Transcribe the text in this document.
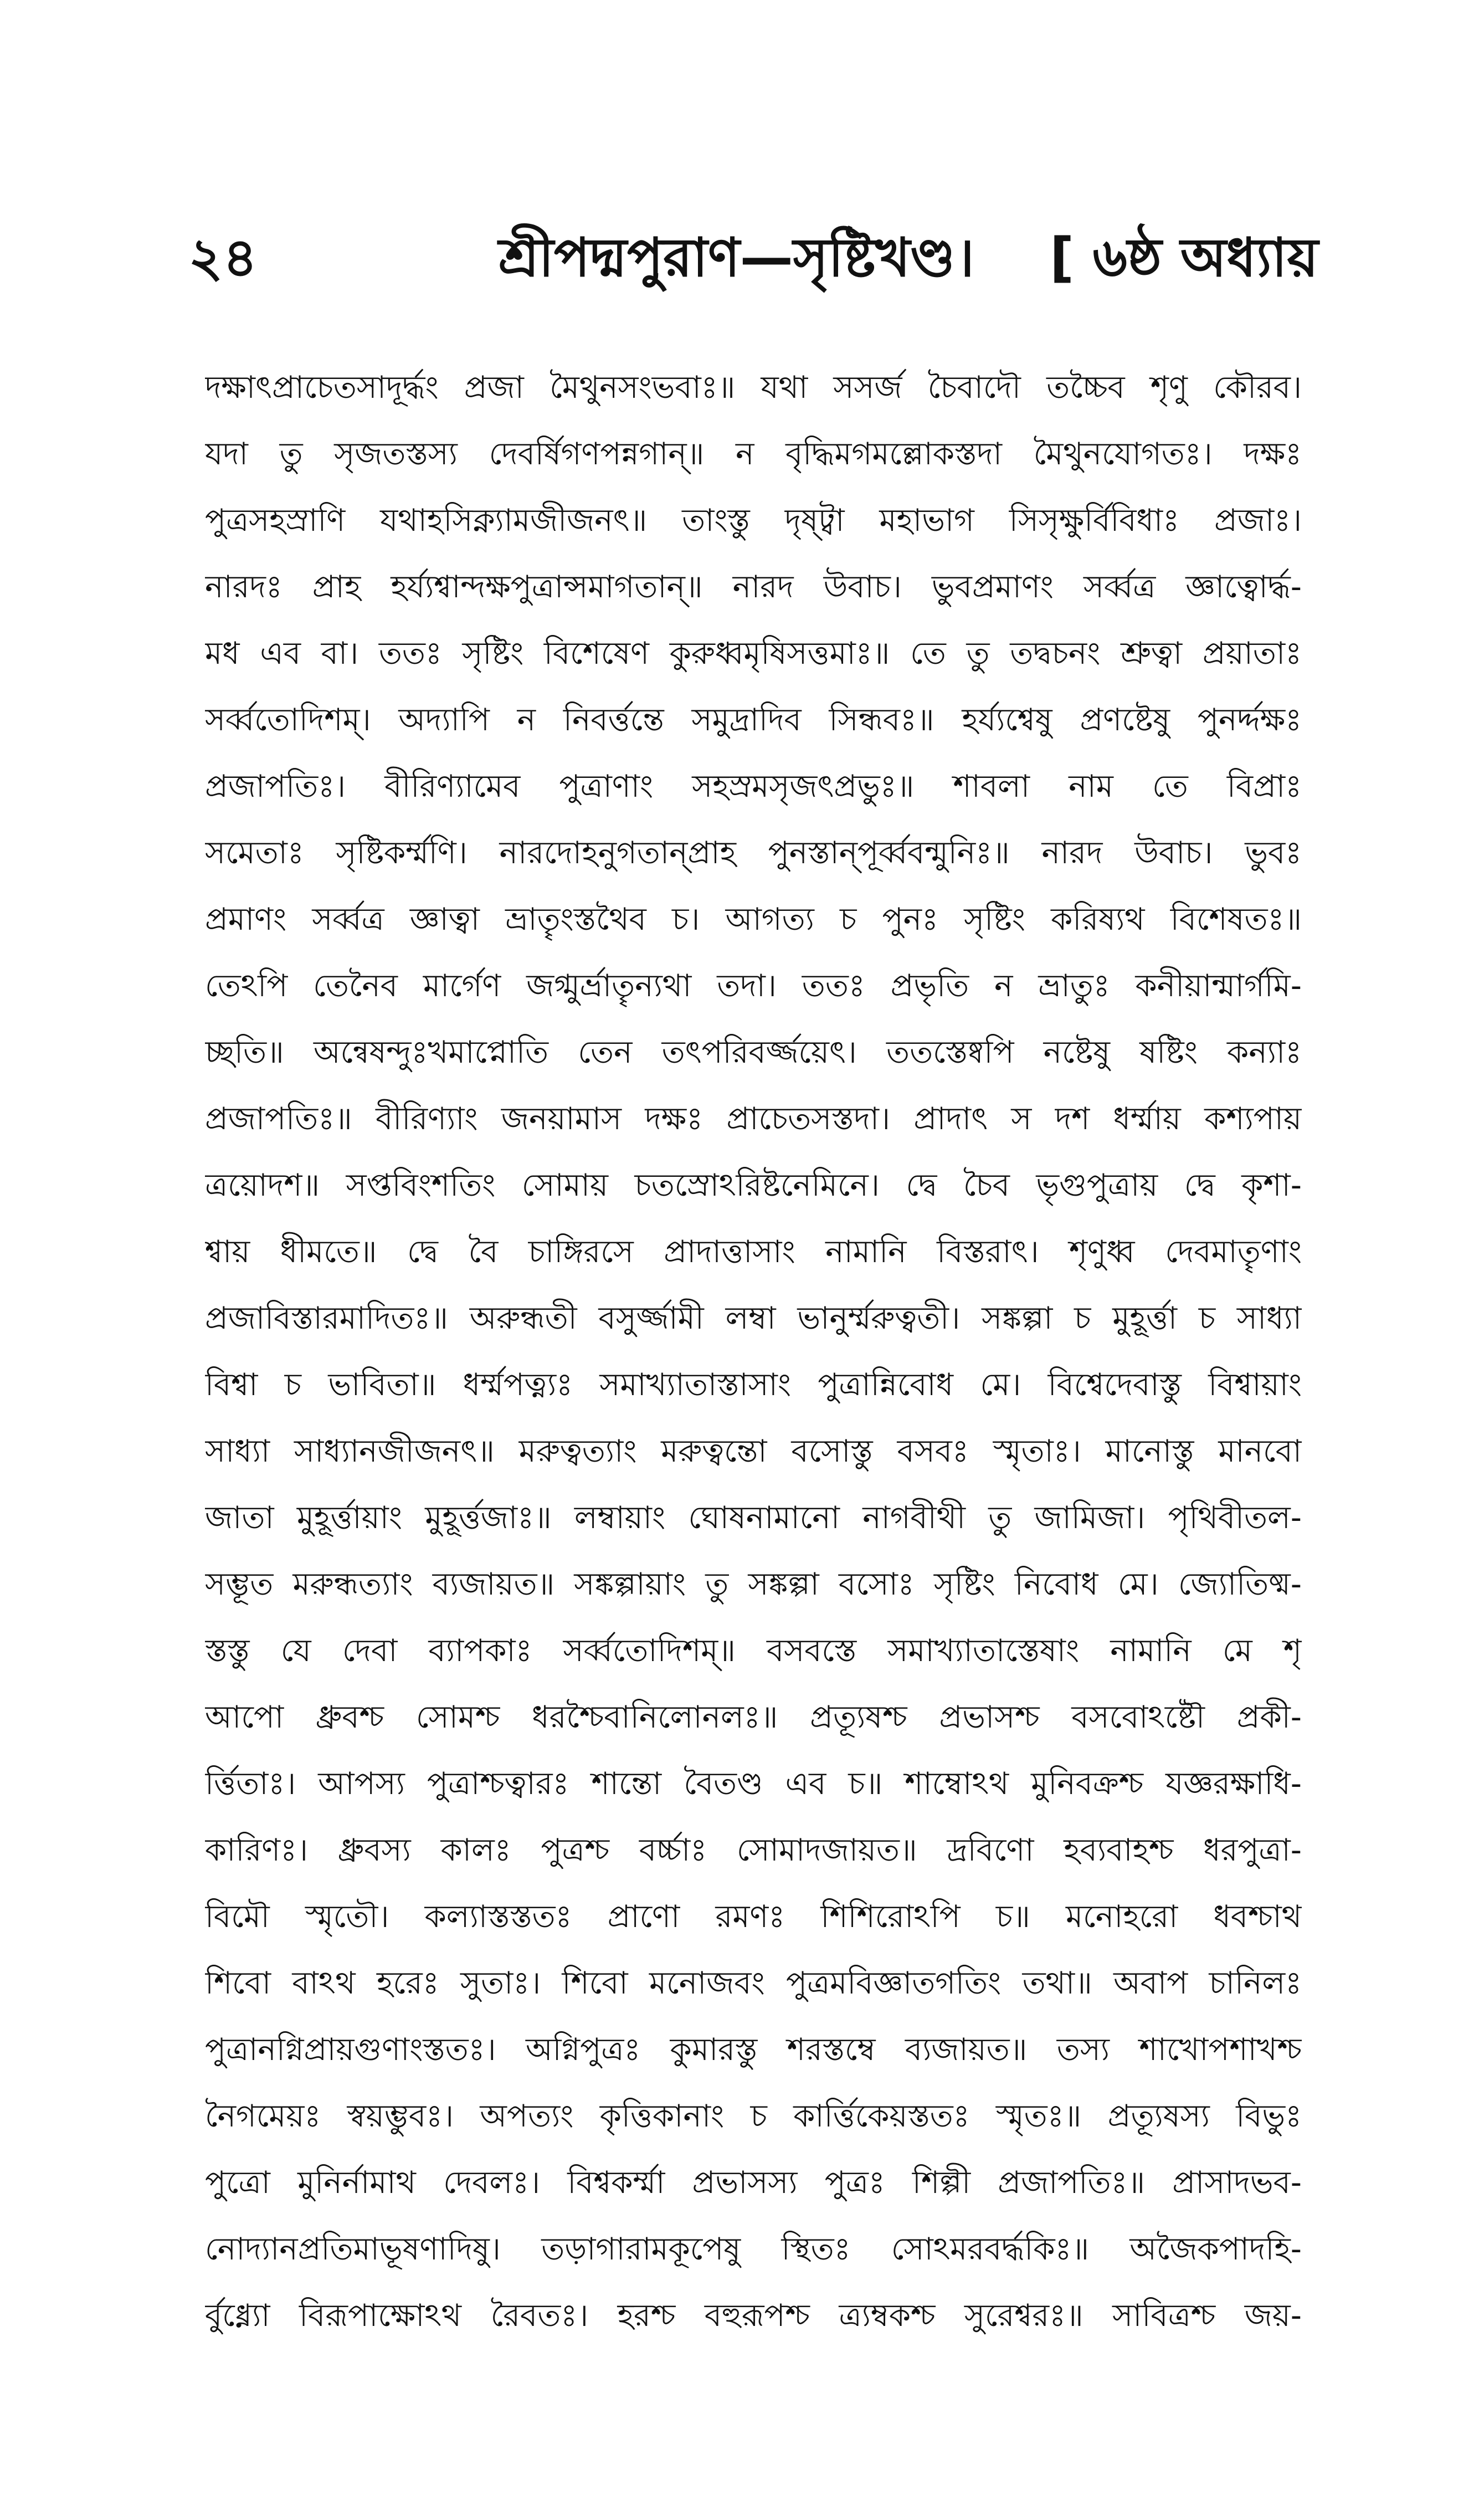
২৪	শ্রীপদ্মপুরাণ—সৃষ্টিখণ্ড। [ ৬ষ্ঠ অধ্যায়
দক্ষাৎপ্রাচেতসাদূর্দ্ধং প্রজা মৈথুনসংভবাঃ॥ যথা সসর্জ চৈবাদৌ তচ্চৈব শৃণু কৌরব।
যদা তু সৃজতস্তস্য দেবর্ষিগণপন্নগান্॥ ন বৃদ্ধিমগমল্লোকস্তদা মৈথুনযোগতঃ। দক্ষঃ
পুত্রসহস্রাণি যথাহসিক্ন্যামজীজনৎ॥ তাংস্তু দৃষ্ট্বা মহাভাগ সিসৃক্ষুর্বিবিধাঃ প্রজাঃ।
নারদঃ প্রাহ হর্য্যশ্বান্দক্ষপুত্রান্সমাগতান্॥ নারদ উবাচ। ভুবপ্রমাণং সর্ব্বত্র জ্ঞাত্বোর্দ্ধ-
মধ এব বা। ততঃ সৃষ্টিং বিশেষেণ কুরুধ্বমৃষিসত্তমাঃ॥ তে তু তদ্বচনং শ্রুত্বা প্রয়াতাঃ
সর্ব্বতোদিশম্। অদ্যাপি ন নিবর্ত্তন্তে সমুদ্রাদিব সিন্ধবঃ॥ হর্য্যশ্বেষু প্রণষ্টেষু পুনর্দ্দক্ষঃ
প্রজাপতিঃ। বীরিণ্যামেব পুত্রাণাং সহস্রমসৃজৎপ্রভুঃ॥ শাবলা নাম তে বিপ্রাঃ
সমেতাঃ সৃষ্টিকর্ম্মণি। নারদোহনুগতান্প্রাহ পুনস্তান্পূর্ব্ববন্মুনিঃ॥ নারদ উবাচ। ভুবঃ
প্রমাণং সর্ব্বত্র জ্ঞাত্বা ভ্রাতৄংস্তথৈব চ। আগত্য চ পুনঃ সৃষ্টিং করিষ্যথ বিশেষতঃ॥
তেঽপি তেনৈব মার্গেণ জগ্মুর্ভ্রাতৄন্যথা তদা। ততঃ প্রভৃতি ন ভ্রাতুঃ কনীয়ান্মার্গমি-
চ্ছতি॥ অন্বেষন্দুঃখমাপ্নোতি তেন তৎপরিবর্জ্জয়েৎ। ততস্তেষ্বপি নষ্টেষু ষষ্টিং কন্যাঃ
প্রজাপতিঃ॥ বীরিণ্যাং জনয়ামাস দক্ষঃ প্রাচেতসস্তদা। প্রাদাৎ স দশ ধর্ম্মায় কশ্যপায়
ত্রয়োদশ॥ সপ্তবিংশতিং সোমায় চতস্রোঽরিষ্টনেমিনে। দ্বে চৈব ভৃগুপুত্রায় দ্বে কৃশা-
শ্বায় ধীমতে॥ দ্বে বৈ চাঙ্গিরসে প্রাদাত্তাসাং নামানি বিস্তরাৎ। শৃণুধ্ব দেবমাতৄণাং
প্রজাবিস্তারমাদিতঃ॥ অরুন্ধতী বসুর্জ্জামী লম্বা ভানুর্ম্মরুত্বতী। সঙ্কল্পা চ মুহূর্ত্তা চ সাধ্যা
বিশ্বা চ ভাবিতা॥ ধর্ম্মপত্ন্যঃ সমাখ্যাতাস্তাসাং পুত্রান্নিবোধ মে। বিশ্বেদেবাস্তু বিশ্বায়াং
সাধ্যা সাধ্যানজীজনৎ॥ মরুত্বত্যাং মরুত্বন্তো বসোস্তু বসবঃ স্মৃতাঃ। মানোস্তু মানবো
জাতা মুহূর্ত্তায়াং মুহূর্ত্তজাঃ॥ লম্বায়াং ঘোষনামানো নাগবীথী তু জামিজা। পৃথিবীতল-
সম্ভূত মরুন্ধত্যাং ব্যজায়ত॥ সঙ্কল্পায়াং তু সঙ্কল্পা বসোঃ সৃষ্টিং নিবোধ মে। জ্যোতিষ্ম-
স্তস্তু যে দেবা ব্যাপকাঃ সর্ব্বতোদিশম্॥ বসবস্তে সমাখ্যাতাস্তেষাং নামানি মে শৃ
আপো ধ্রুবশ্চ সোমশ্চ ধরশ্চৈবানিলোনলঃ॥ প্রত্যূষশ্চ প্রভাসশ্চ বসবোঽষ্টৌ প্রকী-
র্ত্তিতাঃ। আপস্য পুত্রাশ্চত্বারঃ শান্তো বৈতণ্ড এব চ॥ শাম্বোঽথ মুনিবক্রশ্চ যজ্ঞরক্ষাধি-
কারিণঃ। ধ্রুবস্য কালঃ পুত্রশ্চ বর্চ্চাঃ সোমাদজায়ত॥ দ্রবিণো হব্যবাহশ্চ ধরপুত্রা-
বিমৌ স্মৃতৌ। কল্যাস্তস্ততঃ প্রাণো রমণঃ শিশিরোঽপি চ॥ মনোহরো ধবশ্চাথ
শিবো বাঽথ হরেঃ সুতাঃ। শিবো মনোজবং পুত্রমবিজ্ঞাতগতিং তথা॥ অবাপ চানিলঃ
পুত্রানগ্নিপ্রায়গুণাংস্ততঃ। অগ্নিপুত্রঃ কুমারস্তু শরস্তম্বে ব্যজায়ত॥ তস্য শাখোপশাখশ্চ
নৈগমেয়ঃ স্বয়ম্ভুবঃ। অপত্যং কৃত্তিকানাং চ কার্ত্তিকেয়স্ততঃ স্মৃতঃ॥ প্রত্যূষস্য বিভুঃ
পুত্রো মুনির্নামাথ দেবলঃ। বিশ্বকর্ম্মা প্রভাসস্য পুত্রঃ শিল্পী প্রজাপতিঃ॥ প্রাসাদভব-
নোদ্যানপ্রতিমাভূষণাদিষু। তড়াগারামকূপেষু স্থিতঃ সোঽমরবর্দ্ধকিঃ॥ অজৈকপাদহি-
র্বুধ্ন্যো বিরূপাক্ষোঽথ রৈবতঃ। হরশ্চ বহুরূপশ্চ ত্র্যম্বকশ্চ সুরেশ্বরঃ॥ সাবিত্রশ্চ জয়-
